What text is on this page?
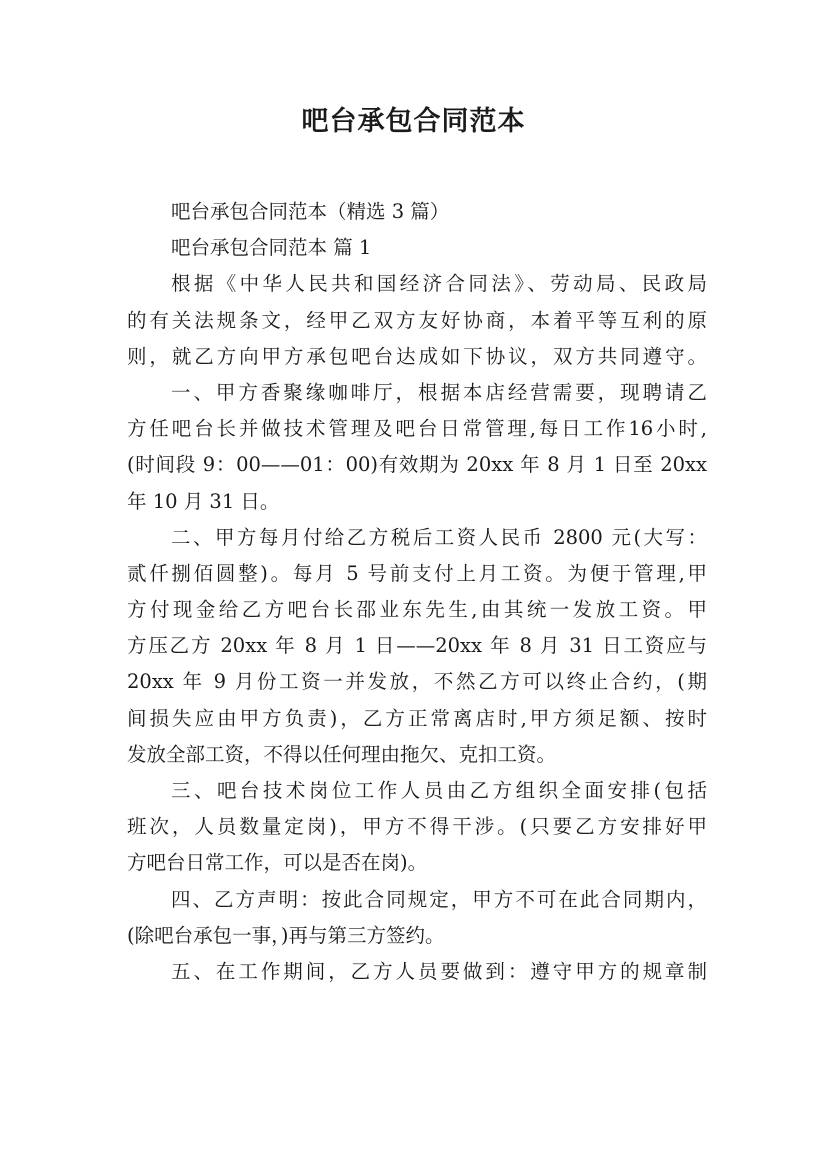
吧台承包合同范本
吧台承包合同范本（精选 3 篇）
吧台承包合同范本 篇 1
根据《中华人民共和国经济合同法》、劳动局、民政局
的有关法规条文，经甲乙双方友好协商，本着平等互利的原
则，就乙方向甲方承包吧台达成如下协议，双方共同遵守。
一、甲方香聚缘咖啡厅，根据本店经营需要，现聘请乙
方任吧台长并做技术管理及吧台日常管理,每日工作16小时,
(时间段 9：00——01：00)有效期为 20xx 年 8 月 1 日至 20xx
年 10 月 31 日。
二、甲方每月付给乙方税后工资人民币 2800 元(大写：
贰仟捌佰圆整)。每月 5 号前支付上月工资。为便于管理,甲
方付现金给乙方吧台长邵业东先生,由其统一发放工资。甲
方压乙方 20xx 年 8 月 1 日——20xx 年 8 月 31 日工资应与
20xx 年 9 月份工资一并发放，不然乙方可以终止合约，(期
间损失应由甲方负责)，乙方正常离店时,甲方须足额、按时
发放全部工资，不得以任何理由拖欠、克扣工资。
三、吧台技术岗位工作人员由乙方组织全面安排(包括
班次，人员数量定岗)，甲方不得干涉。(只要乙方安排好甲
方吧台日常工作，可以是否在岗)。
四、乙方声明：按此合同规定，甲方不可在此合同期内，
(除吧台承包一事，)再与第三方签约。
五、在工作期间，乙方人员要做到：遵守甲方的规章制
